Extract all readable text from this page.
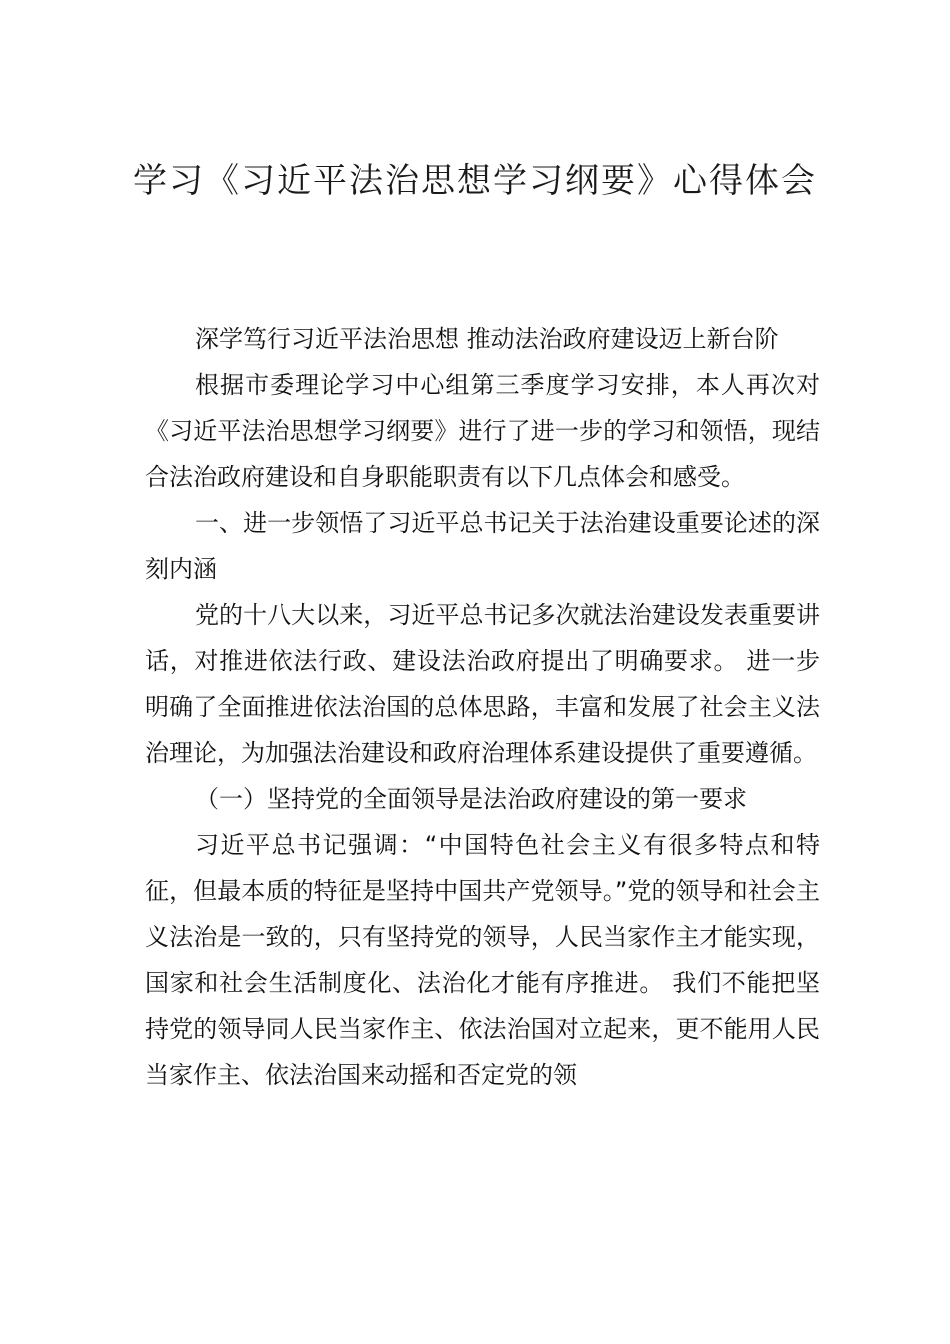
学习《习近平法治思想学习纲要》心得体会

深学笃行习近平法治思想 推动法治政府建设迈上新台阶

根据市委理论学习中心组第三季度学习安排，本人再次对《习近平法治思想学习纲要》进行了进一步的学习和领悟，现结合法治政府建设和自身职能职责有以下几点体会和感受。

一、进一步领悟了习近平总书记关于法治建设重要论述的深刻内涵

党的十八大以来，习近平总书记多次就法治建设发表重要讲话，对推进依法行政、建设法治政府提出了明确要求。 进一步明确了全面推进依法治国的总体思路，丰富和发展了社会主义法治理论，为加强法治建设和政府治理体系建设提供了重要遵循。

（一）坚持党的全面领导是法治政府建设的第一要求

习近平总书记强调：“中国特色社会主义有很多特点和特征，但最本质的特征是坚持中国共产党领导。”党的领导和社会主义法治是一致的，只有坚持党的领导，人民当家作主才能实现，国家和社会生活制度化、法治化才能有序推进。 我们不能把坚持党的领导同人民当家作主、依法治国对立起来，更不能用人民当家作主、依法治国来动摇和否定党的领
